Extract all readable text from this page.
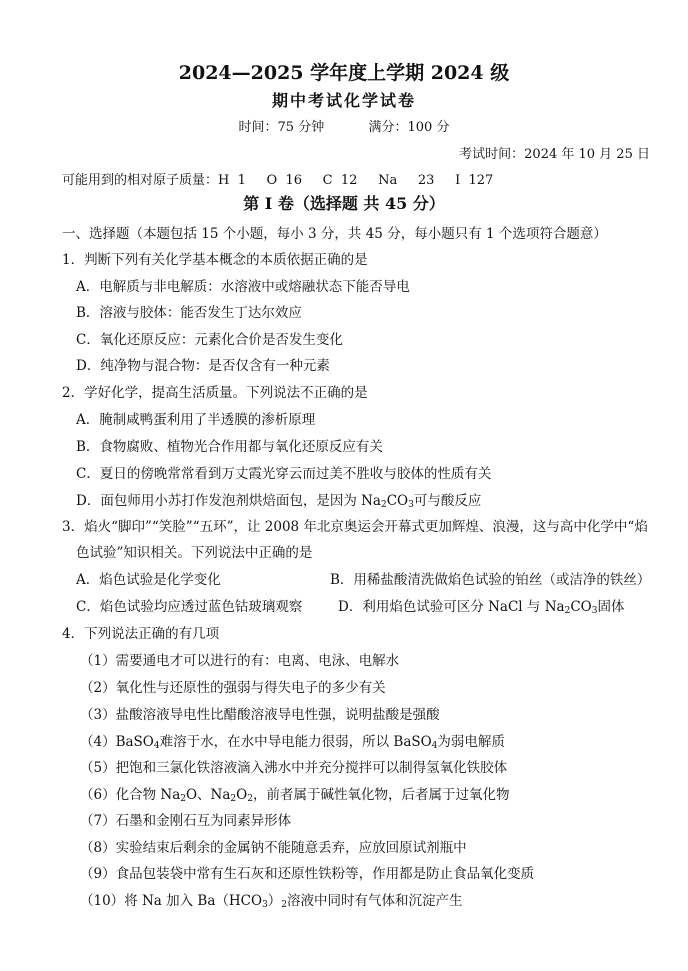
2024—2025 学年度上学期 2024 级
期中考试化学试卷
时间：75 分钟	满分：100 分
考试时间：2024 年 10 月 25 日
可能用到的相对原子质量：H  1     O  16     C  12     Na     23     I  127
第 I 卷（选择题 共 45 分）
一、选择题（本题包括 15 个小题，每小 3 分，共 45 分，每小题只有 1 个选项符合题意）
1．判断下列有关化学基本概念的本质依据正确的是
A．电解质与非电解质：水溶液中或熔融状态下能否导电
B．溶液与胶体：能否发生丁达尔效应
C．氧化还原反应：元素化合价是否发生变化
D．纯净物与混合物：是否仅含有一种元素
2．学好化学，提高生活质量。下列说法不正确的是
A．腌制咸鸭蛋利用了半透膜的渗析原理
B．食物腐败、植物光合作用都与氧化还原反应有关
C．夏日的傍晚常常看到万丈霞光穿云而过美不胜收与胶体的性质有关
D．面包师用小苏打作发泡剂烘焙面包，是因为 $Na_2CO_3$可与酸反应
3．焰火“脚印”“笑脸”“五环”，让 2008 年北京奥运会开幕式更加辉煌、浪漫，这与高中化学中“焰
色试验”知识相关。下列说法中正确的是
A．焰色试验是化学变化	B．用稀盐酸清洗做焰色试验的铂丝（或洁净的铁丝）
C．焰色试验均应透过蓝色钴玻璃观察	D．利用焰色试验可区分 NaCl 与 $Na_2CO_3$固体
4．下列说法正确的有几项
（1）需要通电才可以进行的有：电离、电泳、电解水
（2）氧化性与还原性的强弱与得失电子的多少有关
（3）盐酸溶液导电性比醋酸溶液导电性强，说明盐酸是强酸
（4）BaSO$_4$难溶于水，在水中导电能力很弱，所以 BaSO$_4$为弱电解质
（5）把饱和三氯化铁溶液滴入沸水中并充分搅拌可以制得氢氧化铁胶体
（6）化合物 $Na_2O$、$Na_2O_2$，前者属于碱性氧化物，后者属于过氧化物
（7）石墨和金刚石互为同素异形体
（8）实验结束后剩余的金属钠不能随意丢弃，应放回原试剂瓶中
（9）食品包装袋中常有生石灰和还原性铁粉等，作用都是防止食品氧化变质
（10）将 Na 加入 $Ba(HCO_3)_2$溶液中同时有气体和沉淀产生
